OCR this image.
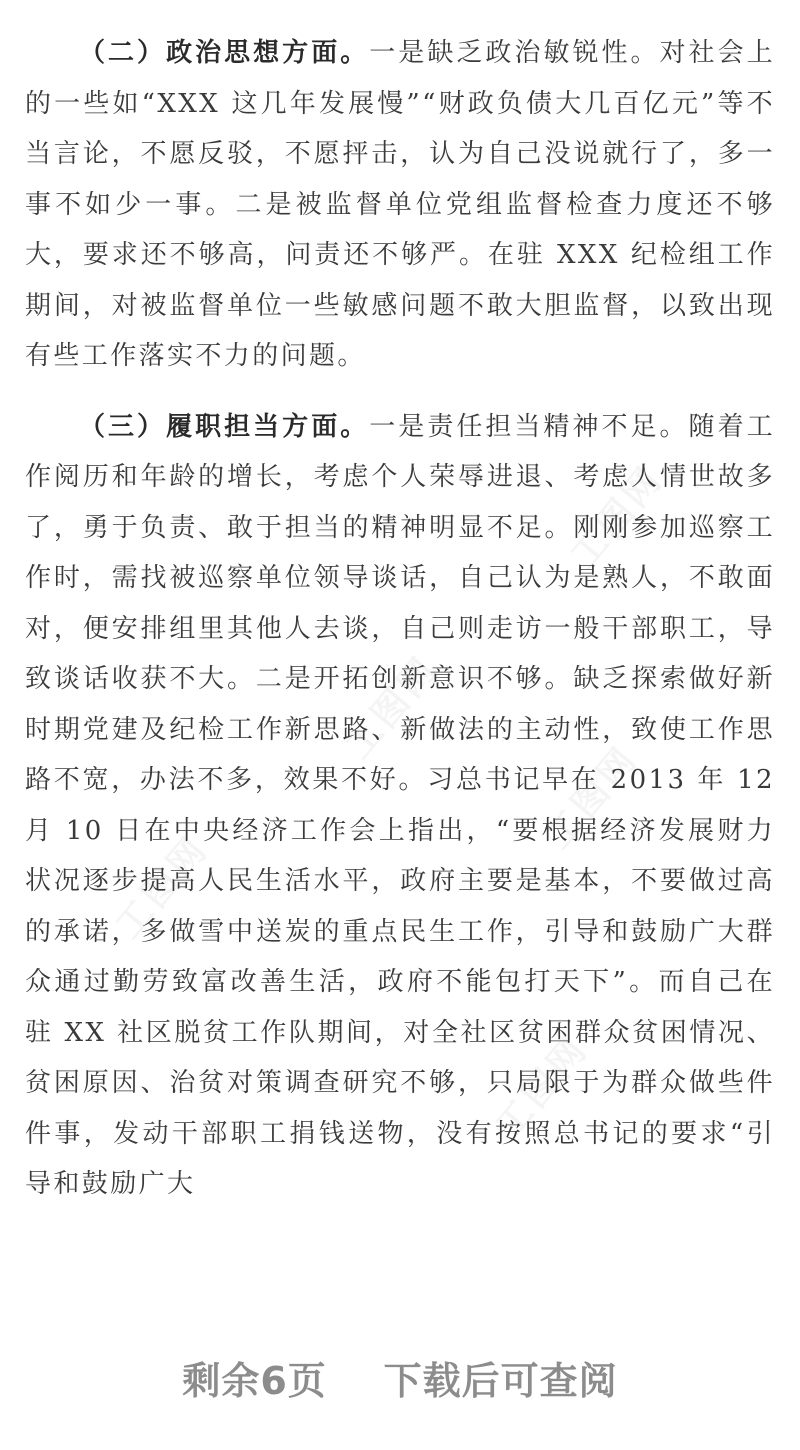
工图网
工图网
工图网
工图网
工图网

（二）政治思想方面。一是缺乏政治敏锐性。对社会上的一些如“XXX 这几年发展慢”“财政负债大几百亿元”等不当言论，不愿反驳，不愿抨击，认为自己没说就行了，多一事不如少一事。二是被监督单位党组监督检查力度还不够大，要求还不够高，问责还不够严。在驻 XXX 纪检组工作期间，对被监督单位一些敏感问题不敢大胆监督，以致出现有些工作落实不力的问题。

（三）履职担当方面。一是责任担当精神不足。随着工作阅历和年龄的增长，考虑个人荣辱进退、考虑人情世故多了，勇于负责、敢于担当的精神明显不足。刚刚参加巡察工作时，需找被巡察单位领导谈话，自己认为是熟人，不敢面对，便安排组里其他人去谈，自己则走访一般干部职工，导致谈话收获不大。二是开拓创新意识不够。缺乏探索做好新时期党建及纪检工作新思路、新做法的主动性，致使工作思路不宽，办法不多，效果不好。习总书记早在 2013 年 12 月 10 日在中央经济工作会上指出，“要根据经济发展财力状况逐步提高人民生活水平，政府主要是基本，不要做过高的承诺，多做雪中送炭的重点民生工作，引导和鼓励广大群众通过勤劳致富改善生活，政府不能包打天下”。而自己在驻 XX 社区脱贫工作队期间，对全社区贫困群众贫困情况、贫困原因、治贫对策调查研究不够，只局限于为群众做些件件事，发动干部职工捐钱送物，没有按照总书记的要求“引导和鼓励广大

剩余6页    下载后可查阅
